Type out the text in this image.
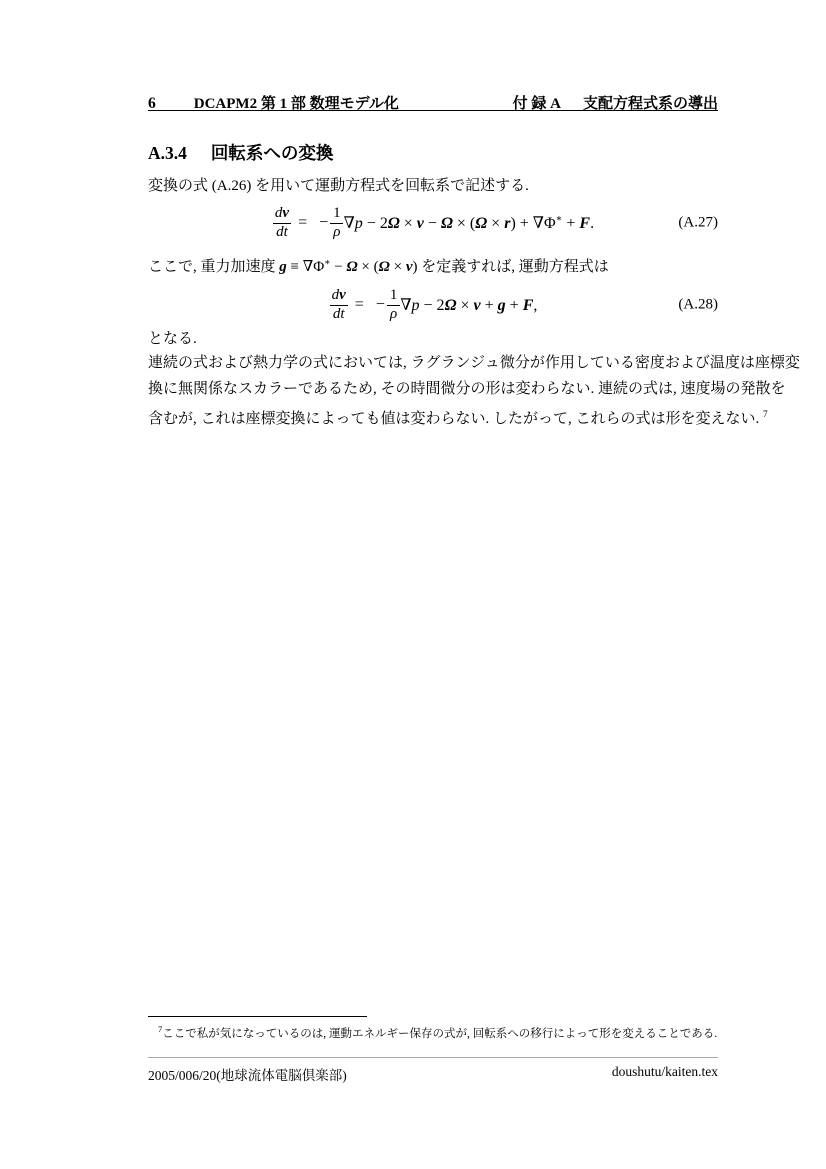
6	DCAPM2 第 1 部 数理モデル化	付 録 A 支配方程式系の導出
A.3.4 回転系への変換
変換の式 (A.26) を用いて運動方程式を回転系で記述する.
$\frac{dv}{dt}$ = − $\frac{1}{\rho} \nabla p - 2\Omega \times v - \Omega \times (\Omega \times r) + \nabla\Phi^∗ + F$.	(A.27)
ここで, 重力加速度 g ≡ ∇Φ∗ − Ω × (Ω × v) を定義すれば, 運動方程式は
$\frac{dv}{dt}$ = − $\frac{1}{\rho} \nabla p - 2\Omega \times v + g + F$,	(A.28)
となる.
連続の式および熱力学の式においては, ラグランジュ微分が作用している密度および温度は座標変
換に無関係なスカラーであるため, その時間微分の形は変わらない. 連続の式は, 速度場の発散を
含むが, これは座標変換によっても値は変わらない. したがって, これらの式は形を変えない. $^7$
$^7$ここで私が気になっているのは, 運動エネルギー保存の式が, 回転系への移行によって形を変えることである.
2005/006/20(地球流体電脳倶楽部)	doushutu/kaiten.tex
